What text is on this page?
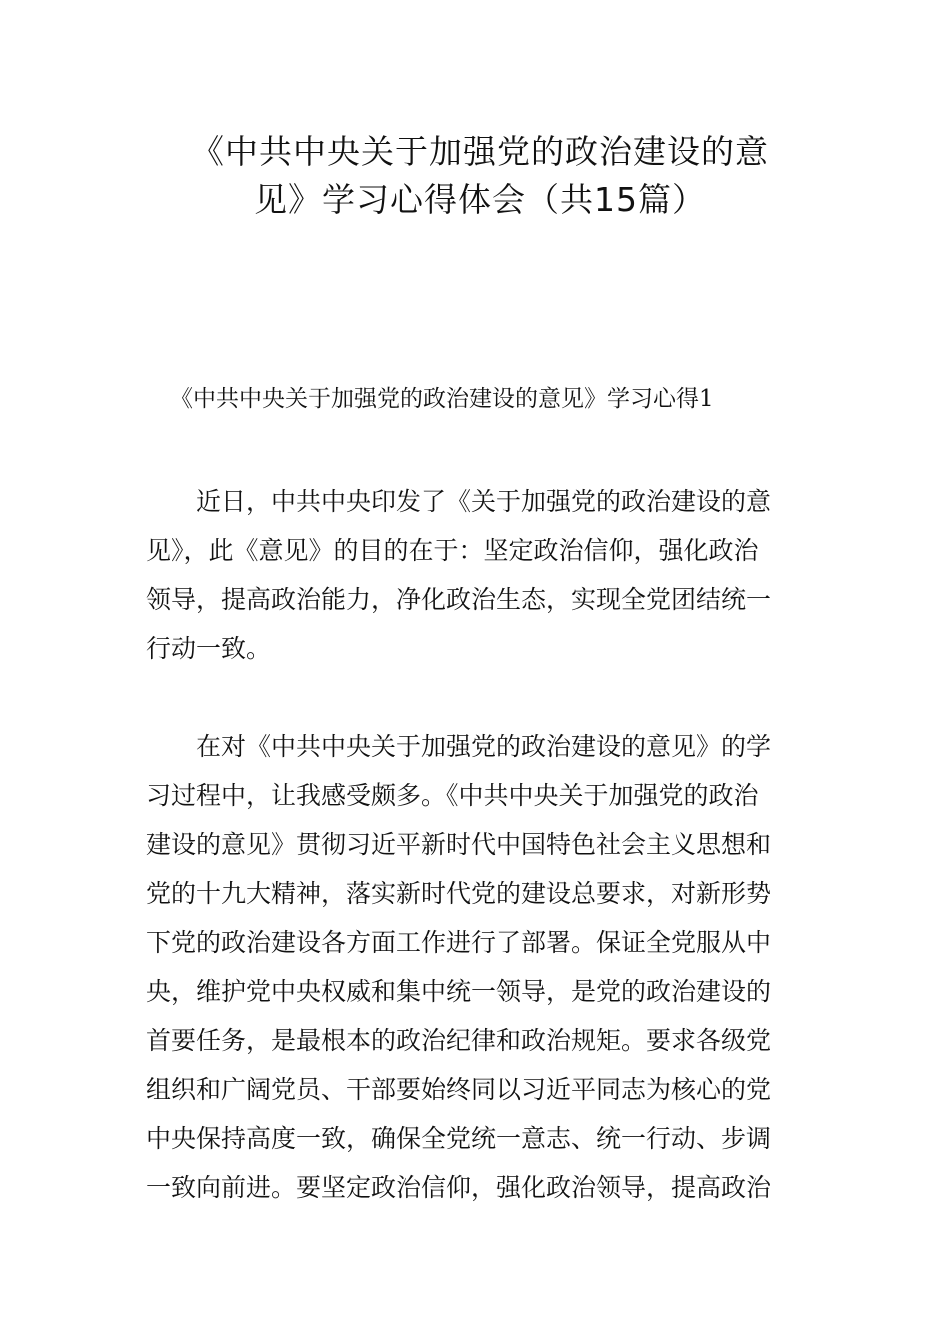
《中共中央关于加强党的政治建设的意
见》学习心得体会（共15篇）

《中共中央关于加强党的政治建设的意见》学习心得1

近日，中共中央印发了《关于加强党的政治建设的意
见》，此《意见》的目的在于：坚定政治信仰，强化政治
领导，提高政治能力，净化政治生态，实现全党团结统一
行动一致。

在对《中共中央关于加强党的政治建设的意见》的学
习过程中，让我感受颇多。《中共中央关于加强党的政治
建设的意见》贯彻习近平新时代中国特色社会主义思想和
党的十九大精神，落实新时代党的建设总要求，对新形势
下党的政治建设各方面工作进行了部署。保证全党服从中
央，维护党中央权威和集中统一领导，是党的政治建设的
首要任务，是最根本的政治纪律和政治规矩。要求各级党
组织和广阔党员、干部要始终同以习近平同志为核心的党
中央保持高度一致，确保全党统一意志、统一行动、步调
一致向前进。要坚定政治信仰，强化政治领导，提高政治
